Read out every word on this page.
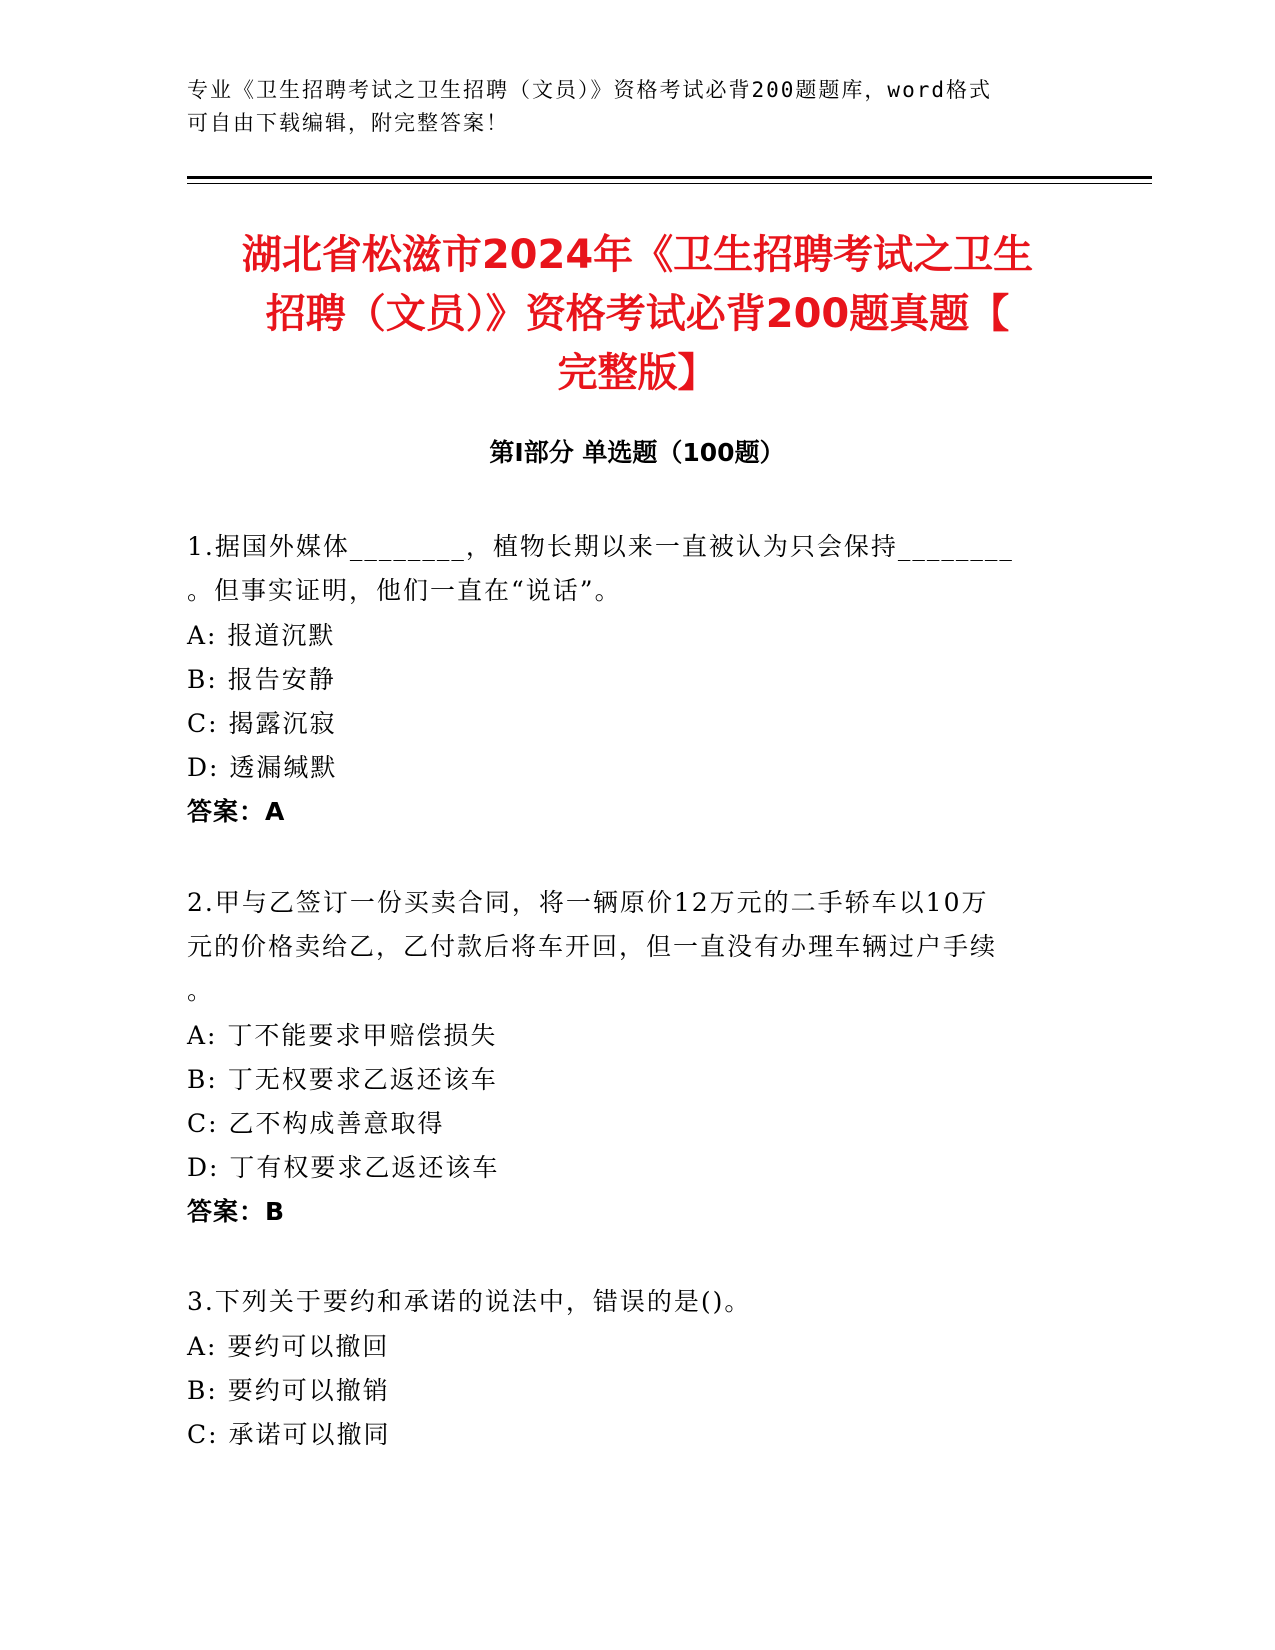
专业《卫生招聘考试之卫生招聘（文员）》资格考试必背200题题库，word格式
可自由下载编辑，附完整答案！
湖北省松滋市2024年《卫生招聘考试之卫生
招聘（文员）》资格考试必背200题真题【
完整版】
第I部分 单选题（100题）
1.据国外媒体________，植物长期以来一直被认为只会保持________
。但事实证明，他们一直在“说话”。
A: 报道沉默
B: 报告安静
C: 揭露沉寂
D: 透漏缄默
答案：A
2.甲与乙签订一份买卖合同，将一辆原价12万元的二手轿车以10万
元的价格卖给乙，乙付款后将车开回，但一直没有办理车辆过户手续
。
A: 丁不能要求甲赔偿损失
B: 丁无权要求乙返还该车
C: 乙不构成善意取得
D: 丁有权要求乙返还该车
答案：B
3.下列关于要约和承诺的说法中，错误的是()。
A: 要约可以撤回
B: 要约可以撤销
C: 承诺可以撤同
